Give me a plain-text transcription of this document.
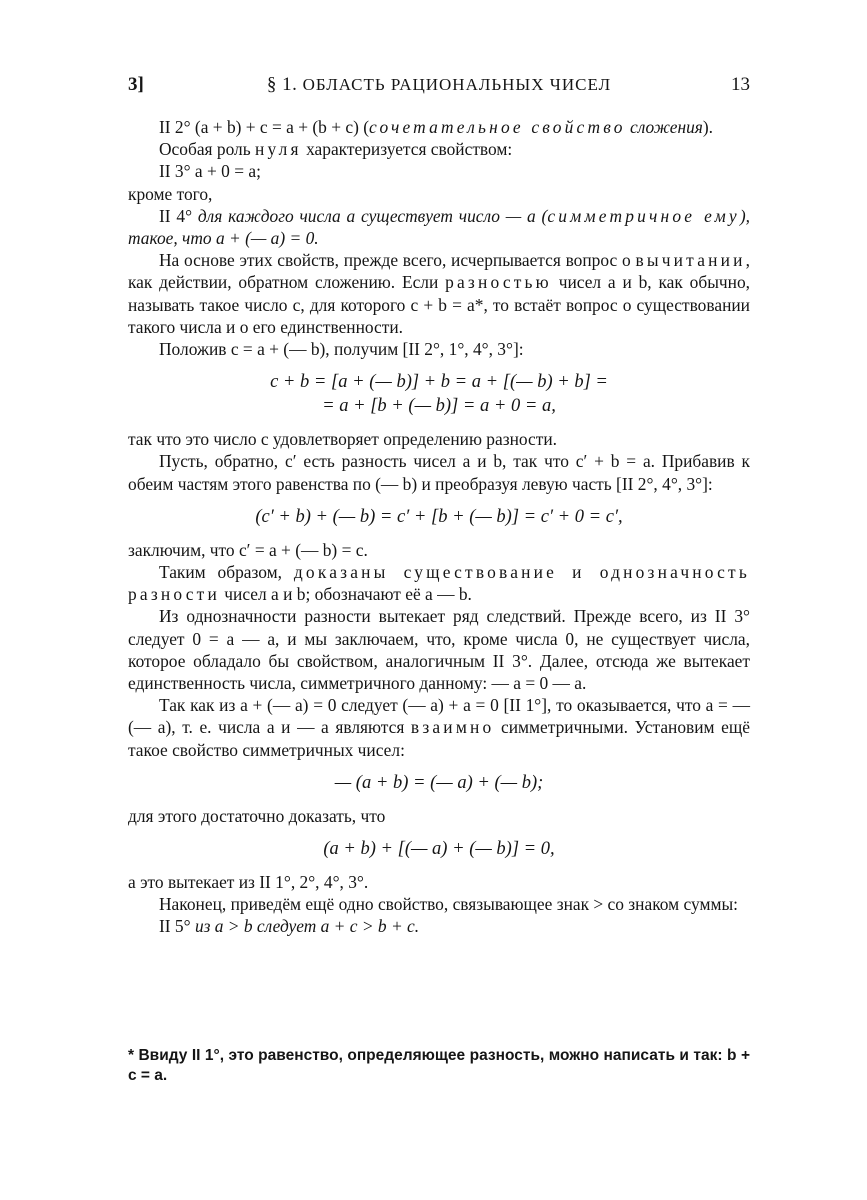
3]	§ 1. ОБЛАСТЬ РАЦИОНАЛЬНЫХ ЧИСЕЛ	13

II 2° (a + b) + c = a + (b + c) (сочетательное свойство сложения).

Особая роль нуля характеризуется свойством:

II 3° a + 0 = a;

кроме того,

II 4° для каждого числа a существует число — a (симметричное ему), такое, что a + (— a) = 0.

На основе этих свойств, прежде всего, исчерпывается вопрос о вычитании, как действии, обратном сложению. Если разностью чисел a и b, как обычно, называть такое число c, для которого c + b = a*, то встаёт вопрос о существовании такого числа и о его единственности.

Положив c = a + (— b), получим [II 2°, 1°, 4°, 3°]:

c + b = [a + (— b)] + b = a + [(— b) + b] =
= a + [b + (— b)] = a + 0 = a,

так что это число c удовлетворяет определению разности.

Пусть, обратно, c′ есть разность чисел a и b, так что c′ + b = a. Прибавив к обеим частям этого равенства по (— b) и преобразуя левую часть [II 2°, 4°, 3°]:

(c′ + b) + (— b) = c′ + [b + (— b)] = c′ + 0 = c′,

заключим, что c′ = a + (— b) = c.

Таким образом, доказаны существование и однозначность разности чисел a и b; обозначают её a — b.

Из однозначности разности вытекает ряд следствий. Прежде всего, из II 3° следует 0 = a — a, и мы заключаем, что, кроме числа 0, не существует числа, которое обладало бы свойством, аналогичным II 3°. Далее, отсюда же вытекает единственность числа, симметричного данному: — a = 0 — a.

Так как из a + (— a) = 0 следует (— a) + a = 0 [II 1°], то оказывается, что a = — (— a), т. е. числа a и — a являются взаимно симметричными. Установим ещё такое свойство симметричных чисел:

— (a + b) = (— a) + (— b);

для этого достаточно доказать, что

(a + b) + [(— a) + (— b)] = 0,

а это вытекает из II 1°, 2°, 4°, 3°.

Наконец, приведём ещё одно свойство, связывающее знак > со знаком суммы:

II 5° из a > b следует a + c > b + c.

* Ввиду II 1°, это равенство, определяющее разность, можно написать и так: b + c = a.
